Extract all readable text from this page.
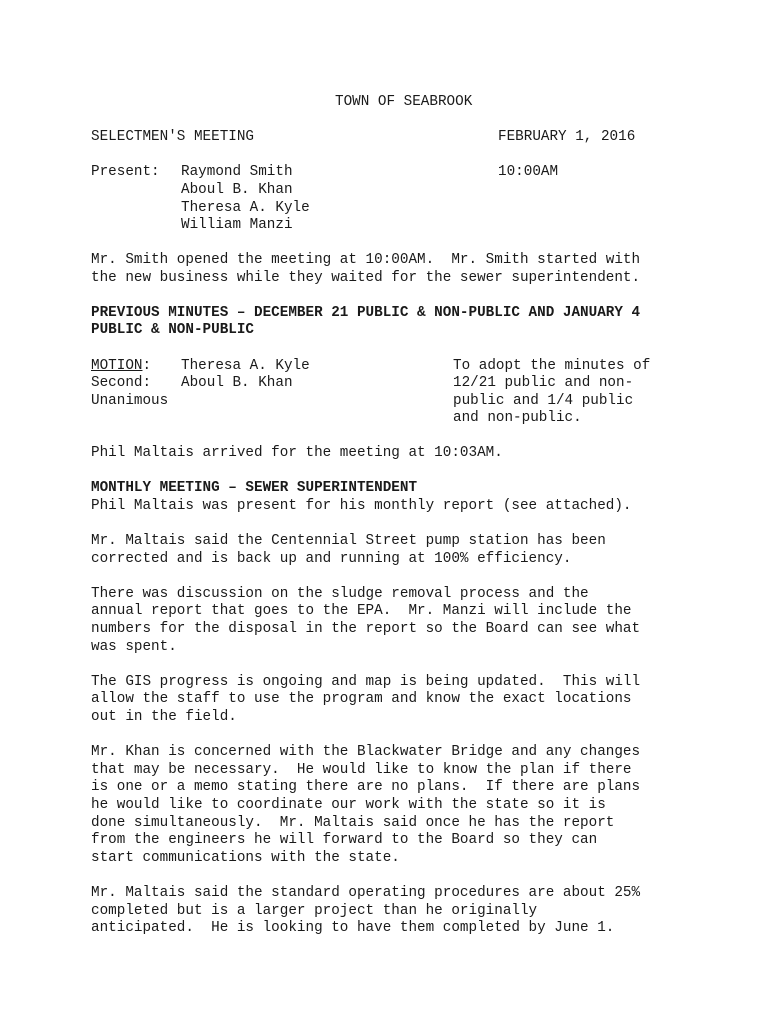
TOWN OF SEABROOK
SELECTMEN'S MEETING	FEBRUARY 1, 2016
Present: Raymond Smith	10:00AM
Aboul B. Khan
Theresa A. Kyle
William Manzi
Mr. Smith opened the meeting at 10:00AM.  Mr. Smith started with
the new business while they waited for the sewer superintendent.
PREVIOUS MINUTES – DECEMBER 21 PUBLIC & NON-PUBLIC AND JANUARY 4
PUBLIC & NON-PUBLIC
MOTION: Theresa A. Kyle	To adopt the minutes of
Second: Aboul B. Khan	12/21 public and non-
Unanimous	public and 1/4 public
and non-public.
Phil Maltais arrived for the meeting at 10:03AM.
MONTHLY MEETING – SEWER SUPERINTENDENT
Phil Maltais was present for his monthly report (see attached).
Mr. Maltais said the Centennial Street pump station has been
corrected and is back up and running at 100% efficiency.
There was discussion on the sludge removal process and the
annual report that goes to the EPA.  Mr. Manzi will include the
numbers for the disposal in the report so the Board can see what
was spent.
The GIS progress is ongoing and map is being updated.  This will
allow the staff to use the program and know the exact locations
out in the field.
Mr. Khan is concerned with the Blackwater Bridge and any changes
that may be necessary.  He would like to know the plan if there
is one or a memo stating there are no plans.  If there are plans
he would like to coordinate our work with the state so it is
done simultaneously.  Mr. Maltais said once he has the report
from the engineers he will forward to the Board so they can
start communications with the state.
Mr. Maltais said the standard operating procedures are about 25%
completed but is a larger project than he originally
anticipated.  He is looking to have them completed by June 1.
